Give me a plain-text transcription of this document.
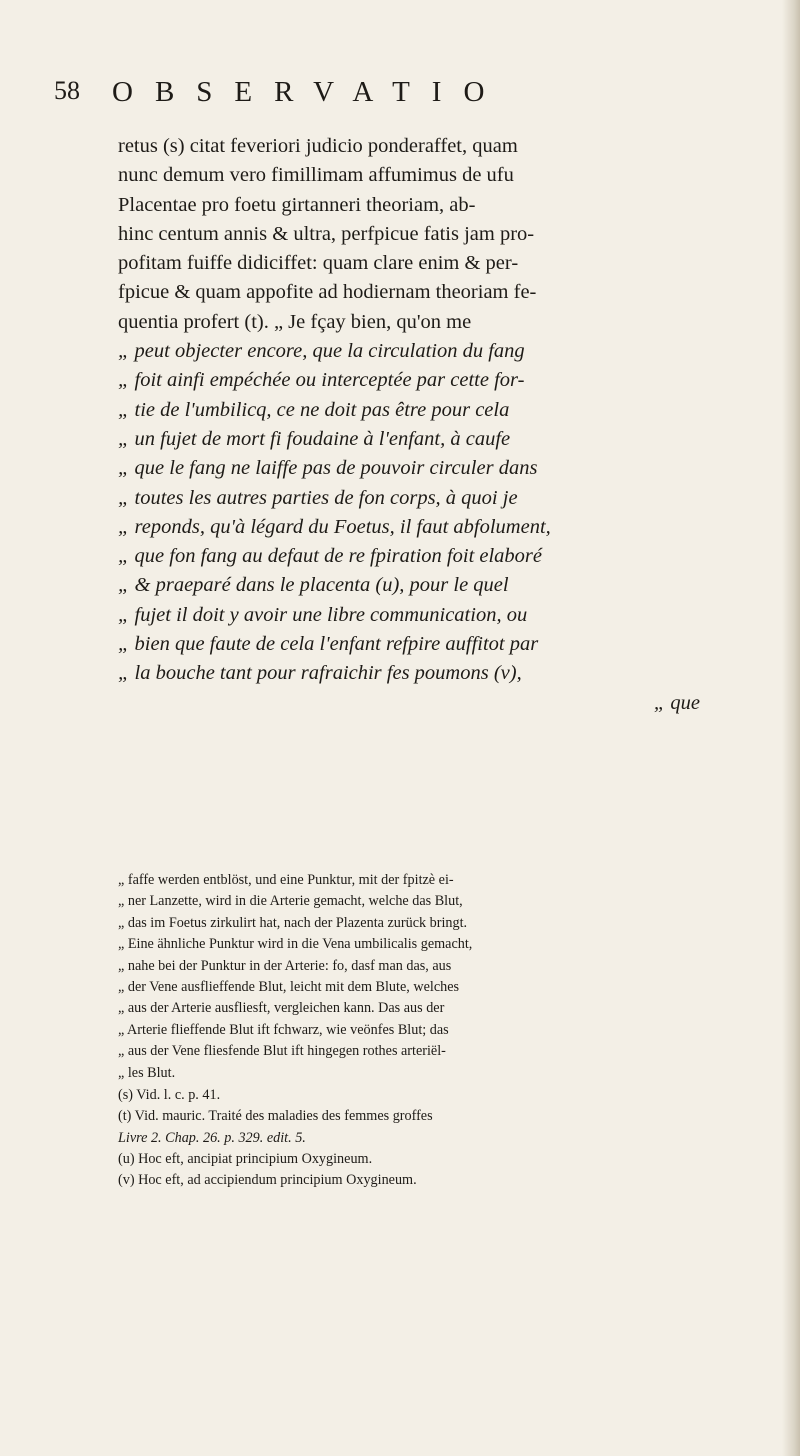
58 OBSERVATIO
retus (s) citat feveriori judicio ponderaffet, quam
nunc demum vero fimillimam affumimus de ufu
Placentae pro foetu girtanneri theoriam, ab-
hinc centum annis & ultra, perfpicue fatis jam pro-
pofitam fuiffe didiciffet: quam clare enim & per-
fpicue & quam appofite ad hodiernam theoriam fe-
quentia profert (t). „ Je fçay bien, qu'on me
„ peut objecter encore, que la circulation du fang
„ foit ainfi empéchée ou interceptée par cette for-
„ tie de l'umbilicq, ce ne doit pas être pour cela
„ un fujet de mort fi foudaine à l'enfant, à caufe
„ que le fang ne laiffe pas de pouvoir circuler dans
„ toutes les autres parties de fon corps, à quoi je
„ reponds, qu'à légard du Foetus, il faut abfolument,
„ que fon fang au defaut de re fpiration foit elaboré
„ & praeparé dans le placenta (u), pour le quel
„ fujet il doit y avoir une libre communication, ou
„ bien que faute de cela l'enfant refpire auffitot par
„ la bouche tant pour rafraichir fes poumons (v),
„ que
„ faffe werden entblöst, und eine Punktur, mit der fpitzè ei-
„ ner Lanzette, wird in die Arterie gemacht, welche das Blut,
„ das im Foetus zirkulirt hat, nach der Plazenta zurück bringt.
„ Eine ähnliche Punktur wird in die Vena umbilicalis gemacht,
„ nahe bei der Punktur in der Arterie: fo, dasf man das, aus
„ der Vene ausflieffende Blut, leicht mit dem Blute, welches
„ aus der Arterie ausfliesft, vergleichen kann. Das aus der
„ Arterie flieffende Blut ift fchwarz, wie veönfes Blut; das
„ aus der Vene fliesfende Blut ift hingegen rothes arteriël-
„ les Blut.
(s) Vid. l. c. p. 41.
(t) Vid. mauric. Traité des maladies des femmes groffes
Livre 2. Chap. 26. p. 329. edit. 5.
(u) Hoc eft, ancipiat principium Oxygineum.
(v) Hoc eft, ad accipiendum principium Oxygineum.
